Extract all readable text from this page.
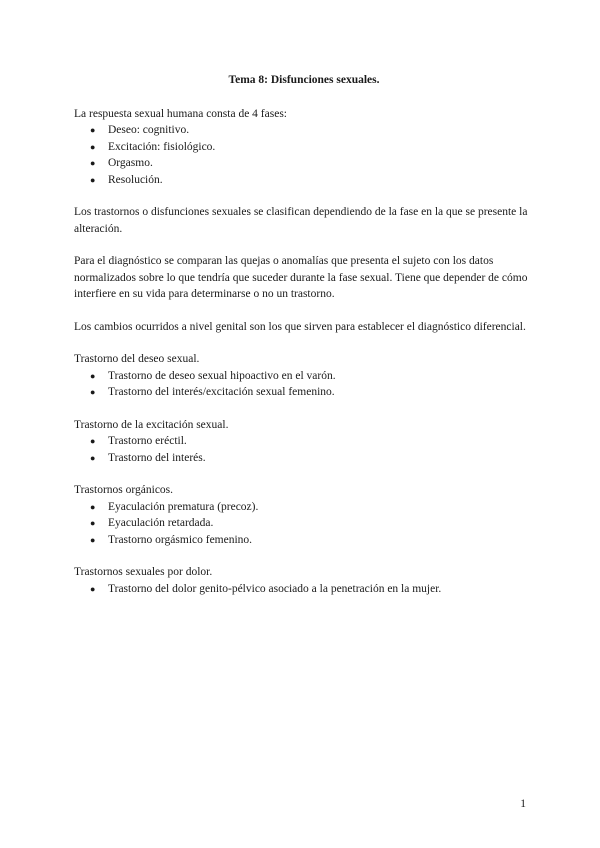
Tema 8: Disfunciones sexuales.

La respuesta sexual humana consta de 4 fases:

● Deseo: cognitivo.
● Excitación: fisiológico.
● Orgasmo.
● Resolución.

Los trastornos o disfunciones sexuales se clasifican dependiendo de la fase en la que se presente la alteración.

Para el diagnóstico se comparan las quejas o anomalías que presenta el sujeto con los datos normalizados sobre lo que tendría que suceder durante la fase sexual. Tiene que depender de cómo interfiere en su vida para determinarse o no un trastorno.

Los cambios ocurridos a nivel genital son los que sirven para establecer el diagnóstico diferencial.

Trastorno del deseo sexual.

● Trastorno de deseo sexual hipoactivo en el varón.
● Trastorno del interés/excitación sexual femenino.

Trastorno de la excitación sexual.

● Trastorno eréctil.
● Trastorno del interés.

Trastornos orgánicos.

● Eyaculación prematura (precoz).
● Eyaculación retardada.
● Trastorno orgásmico femenino.

Trastornos sexuales por dolor.

● Trastorno del dolor genito-pélvico asociado a la penetración en la mujer.
1
